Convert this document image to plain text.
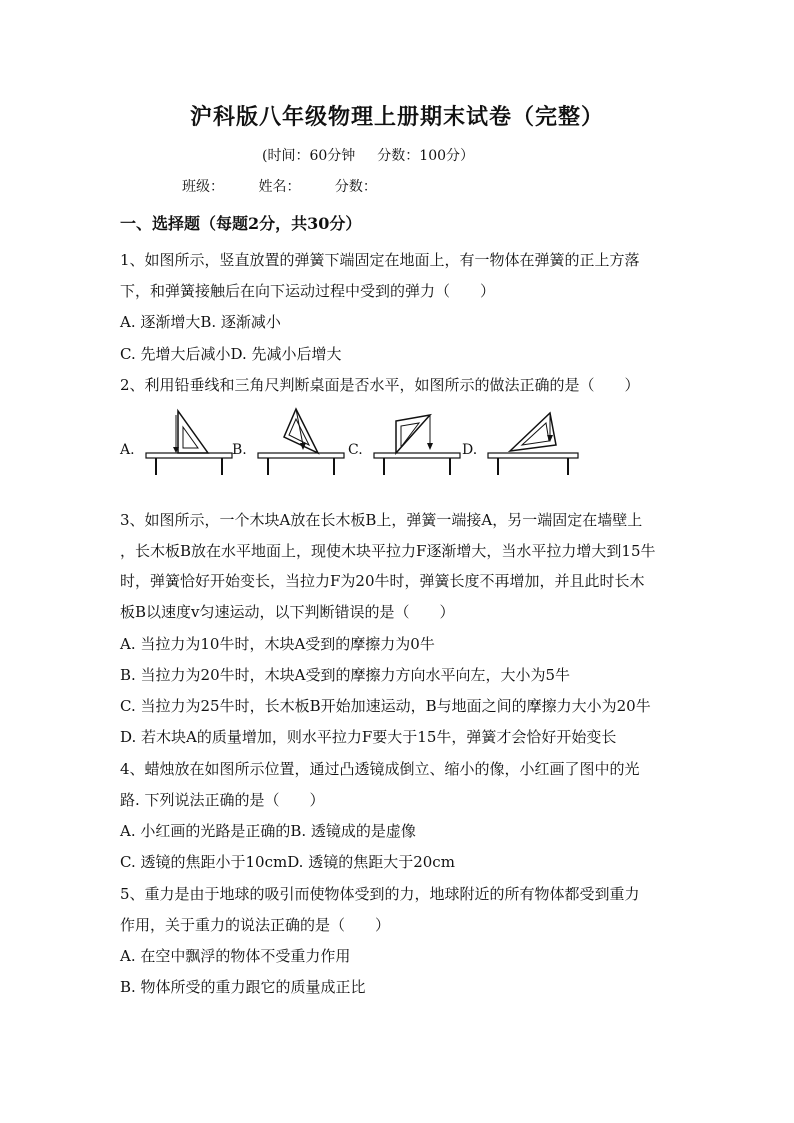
沪科版八年级物理上册期末试卷（完整）
(时间：60分钟 分数：100分）
班级： 姓名： 分数：
一、选择题（每题2分，共30分）
1、如图所示，竖直放置的弹簧下端固定在地面上，有一物体在弹簧的正上方落
下，和弹簧接触后在向下运动过程中受到的弹力（　　）
A. 逐渐增大B. 逐渐减小
C. 先增大后减小D. 先减小后增大
2、利用铅垂线和三角尺判断桌面是否水平，如图所示的做法正确的是（　　）
A.	B.	C.	D.
3、如图所示，一个木块A放在长木板B上，弹簧一端接A，另一端固定在墙壁上
，长木板B放在水平地面上，现使木块平拉力F逐渐增大，当水平拉力增大到15牛
时，弹簧恰好开始变长，当拉力F为20牛时，弹簧长度不再增加，并且此时长木
板B以速度v匀速运动，以下判断错误的是（　　）
A. 当拉力为10牛时，木块A受到的摩擦力为0牛
B. 当拉力为20牛时，木块A受到的摩擦力方向水平向左，大小为5牛
C. 当拉力为25牛时，长木板B开始加速运动，B与地面之间的摩擦力大小为20牛
D. 若木块A的质量增加，则水平拉力F要大于15牛，弹簧才会恰好开始变长
4、蜡烛放在如图所示位置，通过凸透镜成倒立、缩小的像，小红画了图中的光
路. 下列说法正确的是（　　）
A. 小红画的光路是正确的B. 透镜成的是虚像
C. 透镜的焦距小于10cmD. 透镜的焦距大于20cm
5、重力是由于地球的吸引而使物体受到的力，地球附近的所有物体都受到重力
作用，关于重力的说法正确的是（　　）
A. 在空中飘浮的物体不受重力作用
B. 物体所受的重力跟它的质量成正比
